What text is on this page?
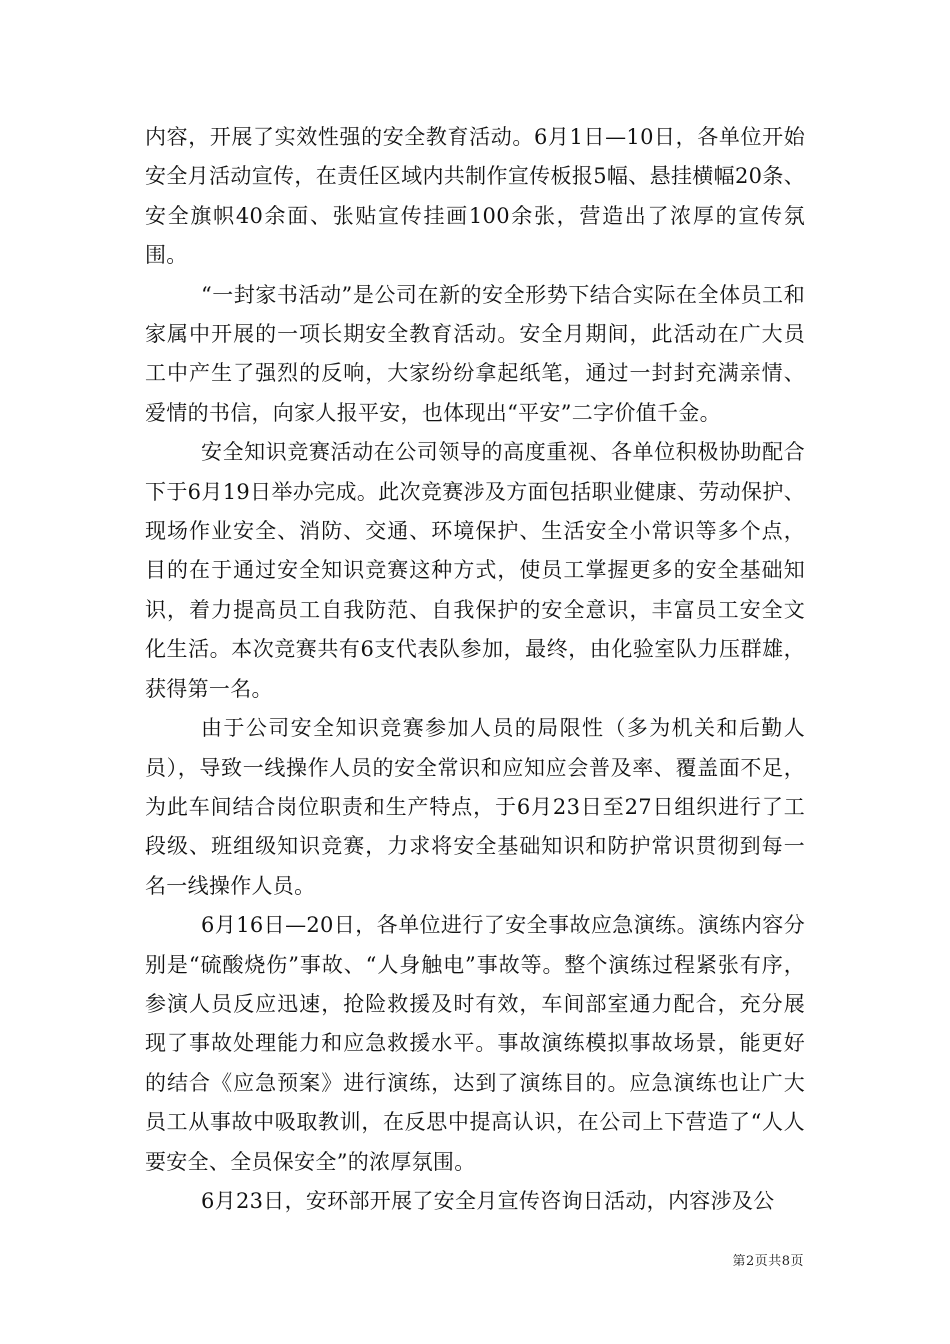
内容，开展了实效性强的安全教育活动。6月1日—10日，各单位开始安全月活动宣传，在责任区域内共制作宣传板报5幅、悬挂横幅20条、安全旗帜40余面、张贴宣传挂画100余张，营造出了浓厚的宣传氛围。

“一封家书活动”是公司在新的安全形势下结合实际在全体员工和家属中开展的一项长期安全教育活动。安全月期间，此活动在广大员工中产生了强烈的反响，大家纷纷拿起纸笔，通过一封封充满亲情、爱情的书信，向家人报平安，也体现出“平安”二字价值千金。

安全知识竞赛活动在公司领导的高度重视、各单位积极协助配合下于6月19日举办完成。此次竞赛涉及方面包括职业健康、劳动保护、现场作业安全、消防、交通、环境保护、生活安全小常识等多个点，目的在于通过安全知识竞赛这种方式，使员工掌握更多的安全基础知识，着力提高员工自我防范、自我保护的安全意识，丰富员工安全文化生活。本次竞赛共有6支代表队参加，最终，由化验室队力压群雄，获得第一名。

由于公司安全知识竞赛参加人员的局限性（多为机关和后勤人员），导致一线操作人员的安全常识和应知应会普及率、覆盖面不足，为此车间结合岗位职责和生产特点，于6月23日至27日组织进行了工段级、班组级知识竞赛，力求将安全基础知识和防护常识贯彻到每一名一线操作人员。

6月16日—20日，各单位进行了安全事故应急演练。演练内容分别是“硫酸烧伤”事故、“人身触电”事故等。整个演练过程紧张有序，参演人员反应迅速，抢险救援及时有效，车间部室通力配合，充分展现了事故处理能力和应急救援水平。事故演练模拟事故场景，能更好的结合《应急预案》进行演练，达到了演练目的。应急演练也让广大员工从事故中吸取教训，在反思中提高认识，在公司上下营造了“人人要安全、全员保安全”的浓厚氛围。

6月23日，安环部开展了安全月宣传咨询日活动，内容涉及公

第2页共8页
